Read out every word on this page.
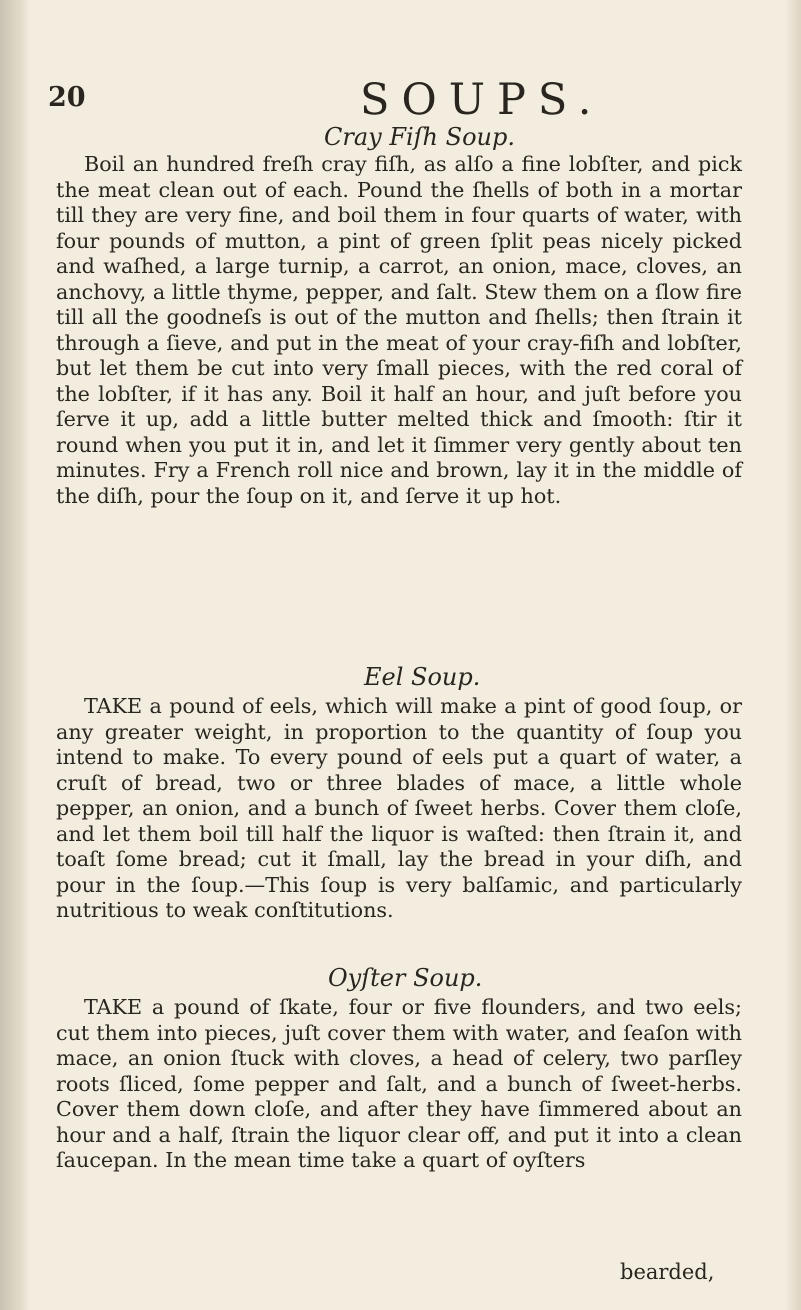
20	SOUPS.
Cray Fiſh Soup.

Boil an hundred freſh cray fiſh, as alſo a fine lobſter, and pick the meat clean out of each. Pound the ſhells of both in a mortar till they are very fine, and boil them in four quarts of water, with four pounds of mutton, a pint of green ſplit peas nicely picked and waſhed, a large turnip, a carrot, an onion, mace, cloves, an anchovy, a little thyme, pepper, and ſalt. Stew them on a ſlow fire till all the goodneſs is out of the mutton and ſhells; then ſtrain it through a ſieve, and put in the meat of your cray-fiſh and lobſter, but let them be cut into very ſmall pieces, with the red coral of the lobſter, if it has any. Boil it half an hour, and juſt before you ſerve it up, add a little butter melted thick and ſmooth: ſtir it round when you put it in, and let it ſimmer very gently about ten minutes. Fry a French roll nice and brown, lay it in the middle of the diſh, pour the ſoup on it, and ſerve it up hot.

Eel Soup.

TAKE a pound of eels, which will make a pint of good ſoup, or any greater weight, in proportion to the quantity of ſoup you intend to make. To every pound of eels put a quart of water, a cruſt of bread, two or three blades of mace, a little whole pepper, an onion, and a bunch of ſweet herbs. Cover them cloſe, and let them boil till half the liquor is waſted: then ſtrain it, and toaſt ſome bread; cut it ſmall, lay the bread in your diſh, and pour in the ſoup.—This ſoup is very balſamic, and particularly nutritious to weak conſtitutions.

Oyſter Soup.

TAKE a pound of ſkate, four or five flounders, and two eels; cut them into pieces, juſt cover them with water, and ſeaſon with mace, an onion ſtuck with cloves, a head of celery, two parſley roots ſliced, ſome pepper and ſalt, and a bunch of ſweet-herbs. Cover them down cloſe, and after they have ſimmered about an hour and a half, ſtrain the liquor clear off, and put it into a clean ſaucepan. In the mean time take a quart of oyſters

bearded,
